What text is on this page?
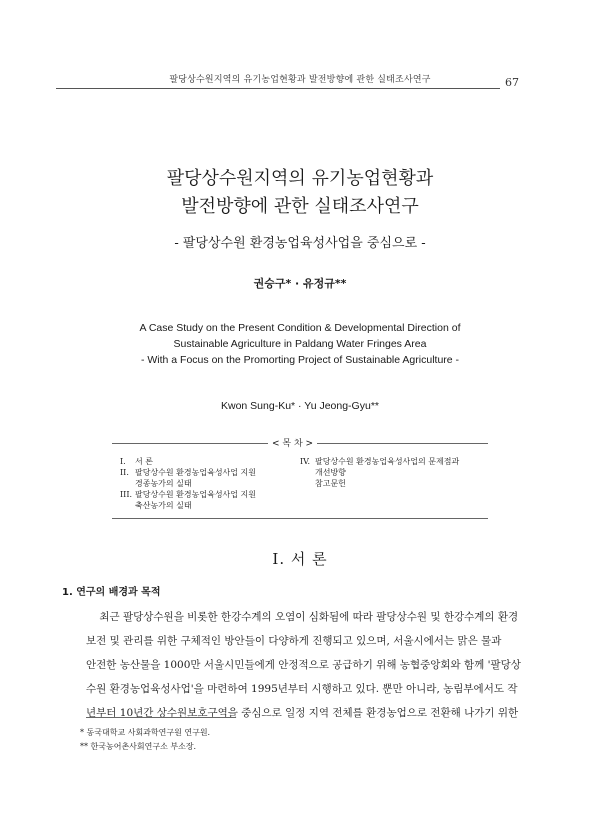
팔당상수원지역의 유기농업현황과 발전방향에 관한 실태조사연구	67
팔당상수원지역의 유기농업현황과
발전방향에 관한 실태조사연구
- 팔당상수원 환경농업육성사업을 중심으로 -
권승구* · 유정규**
A Case Study on the Present Condition & Developmental Direction of
Sustainable Agriculture in Paldang Water Fringes Area
- With a Focus on the Promorting Project of Sustainable Agriculture -
Kwon Sung-Ku* · Yu Jeong-Gyu**
< 목 차 >
I.	서 론
II. 팔당상수원 환경농업육성사업 지원
경종농가의 실태
III. 팔당상수원 환경농업육성사업 지원
축산농가의 실태
IV. 팔당상수원 환경농업육성사업의 문제점과
개선방향
참고문헌
I. 서 론
1. 연구의 배경과 목적
최근 팔당상수원을 비롯한 한강수계의 오염이 심화됨에 따라 팔당상수원 및 한강수계의 환경
보전 및 관리를 위한 구체적인 방안들이 다양하게 진행되고 있으며, 서울시에서는 맑은 물과
안전한 농산물을 1000만 서울시민들에게 안정적으로 공급하기 위해 농협중앙회와 함께 '팔당상
수원 환경농업육성사업'을 마련하여 1995년부터 시행하고 있다. 뿐만 아니라, 농림부에서도 작
년부터 10년간 상수원보호구역을 중심으로 일정 지역 전체를 환경농업으로 전환해 나가기 위한
* 동국대학교 사회과학연구원 연구원.
** 한국농어촌사회연구소 부소장.
